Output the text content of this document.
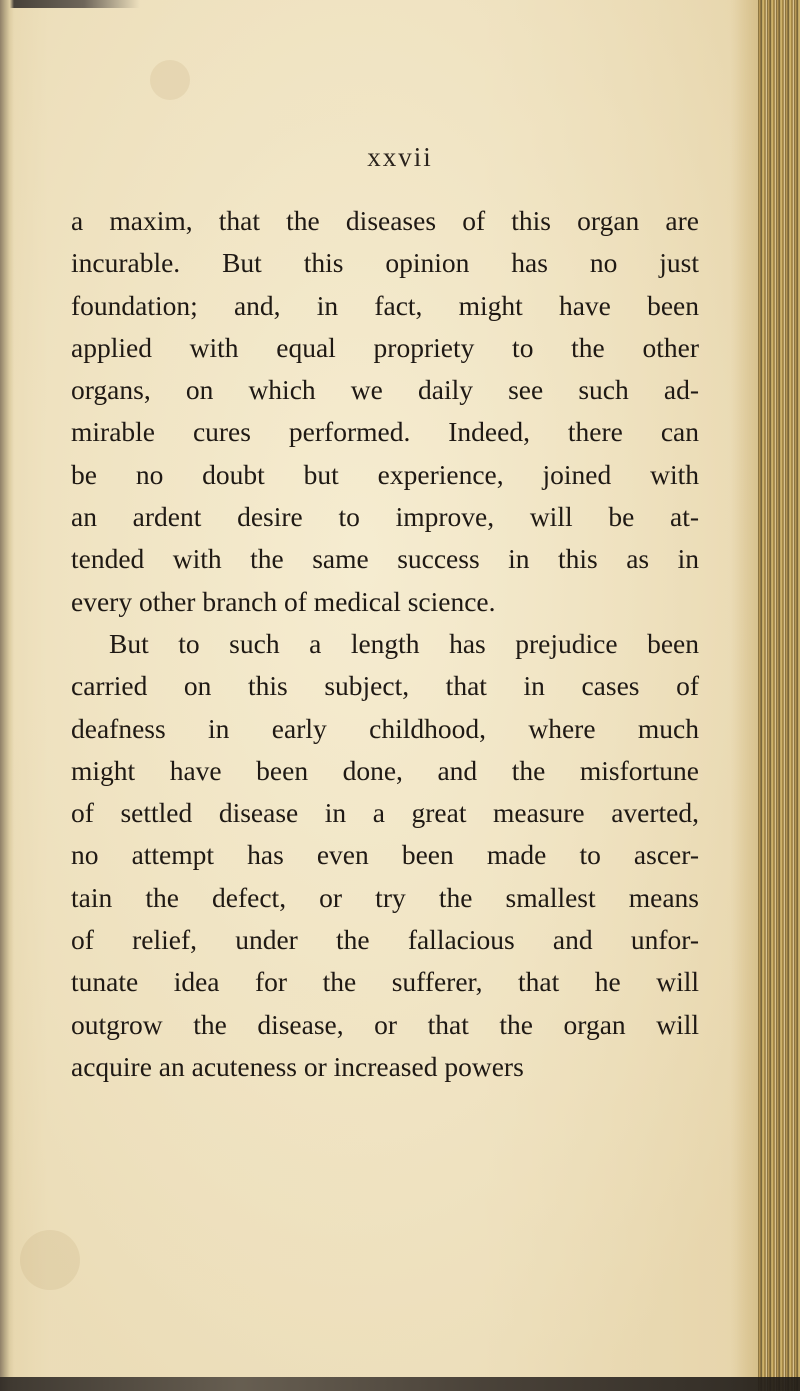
xxvii
a maxim, that the diseases of this organ are
incurable. But this opinion has no just
foundation; and, in fact, might have been
applied with equal propriety to the other
organs, on which we daily see such ad-
mirable cures performed. Indeed, there can
be no doubt but experience, joined with
an ardent desire to improve, will be at-
tended with the same success in this as in
every other branch of medical science.
But to such a length has prejudice been
carried on this subject, that in cases of
deafness in early childhood, where much
might have been done, and the misfortune
of settled disease in a great measure averted,
no attempt has even been made to ascer-
tain the defect, or try the smallest means
of relief, under the fallacious and unfor-
tunate idea for the sufferer, that he will
outgrow the disease, or that the organ will
acquire an acuteness or increased powers
